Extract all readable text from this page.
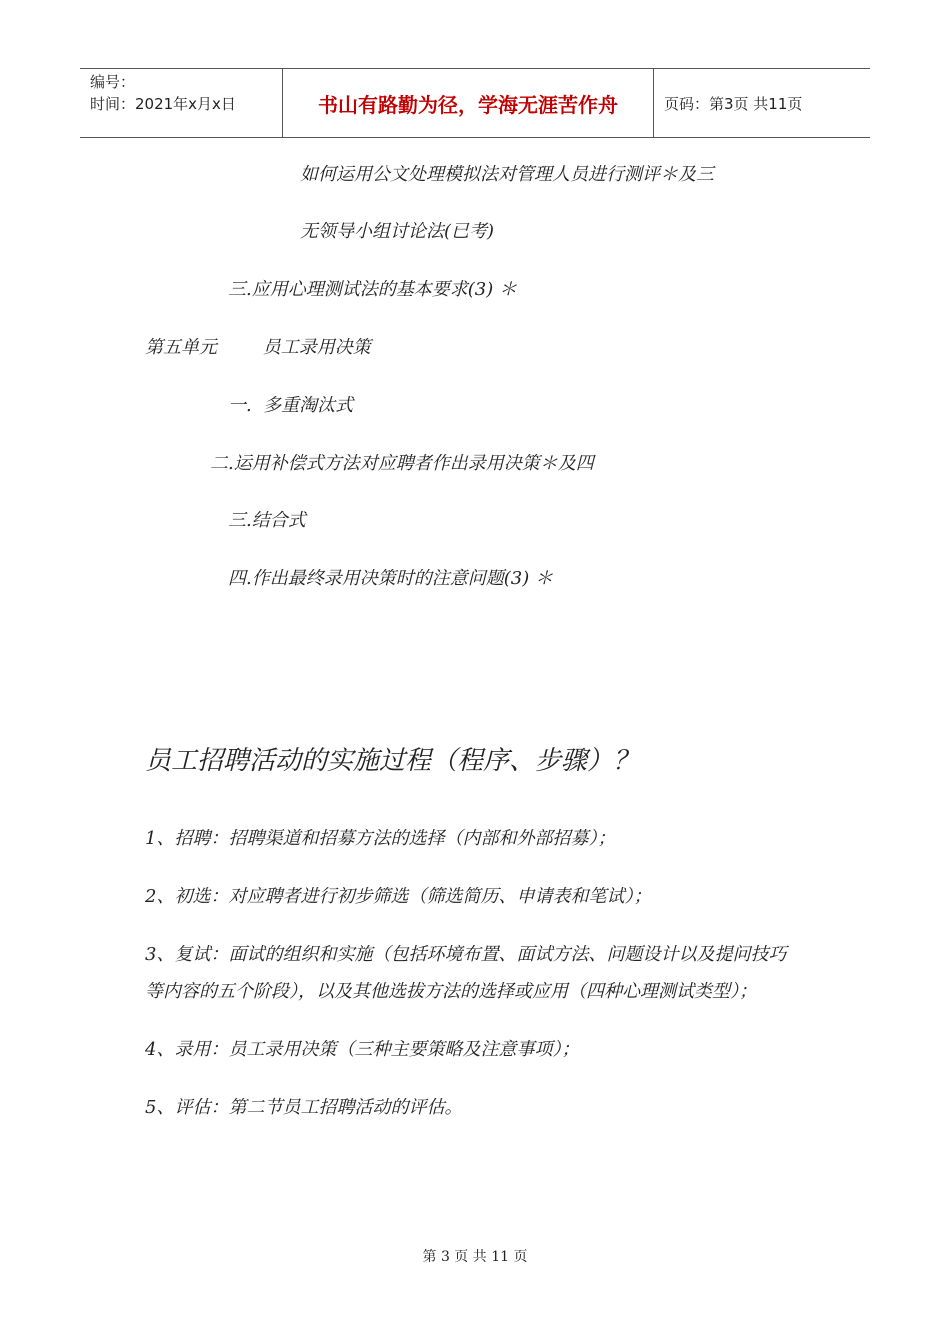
编号：
时间：2021年x月x日	书山有路勤为径，学海无涯苦作舟	页码：第3页 共11页
如何运用公文处理模拟法对管理人员进行测评＊及三
无领导小组讨论法(已考)
三.应用心理测试法的基本要求(3) ＊
第五单元        员工录用决策
一.  多重淘汰式
二.运用补偿式方法对应聘者作出录用决策＊及四
三.结合式
四.作出最终录用决策时的注意问题(3) ＊
员工招聘活动的实施过程（程序、步骤）？
1、招聘：招聘渠道和招募方法的选择（内部和外部招募）；
2、初选：对应聘者进行初步筛选（筛选简历、申请表和笔试）；
3、复试：面试的组织和实施（包括环境布置、面试方法、问题设计以及提问技巧
等内容的五个阶段），以及其他选拔方法的选择或应用（四种心理测试类型）；
4、录用：员工录用决策（三种主要策略及注意事项）；
5、评估：第二节员工招聘活动的评估。
第 3 页 共 11 页
